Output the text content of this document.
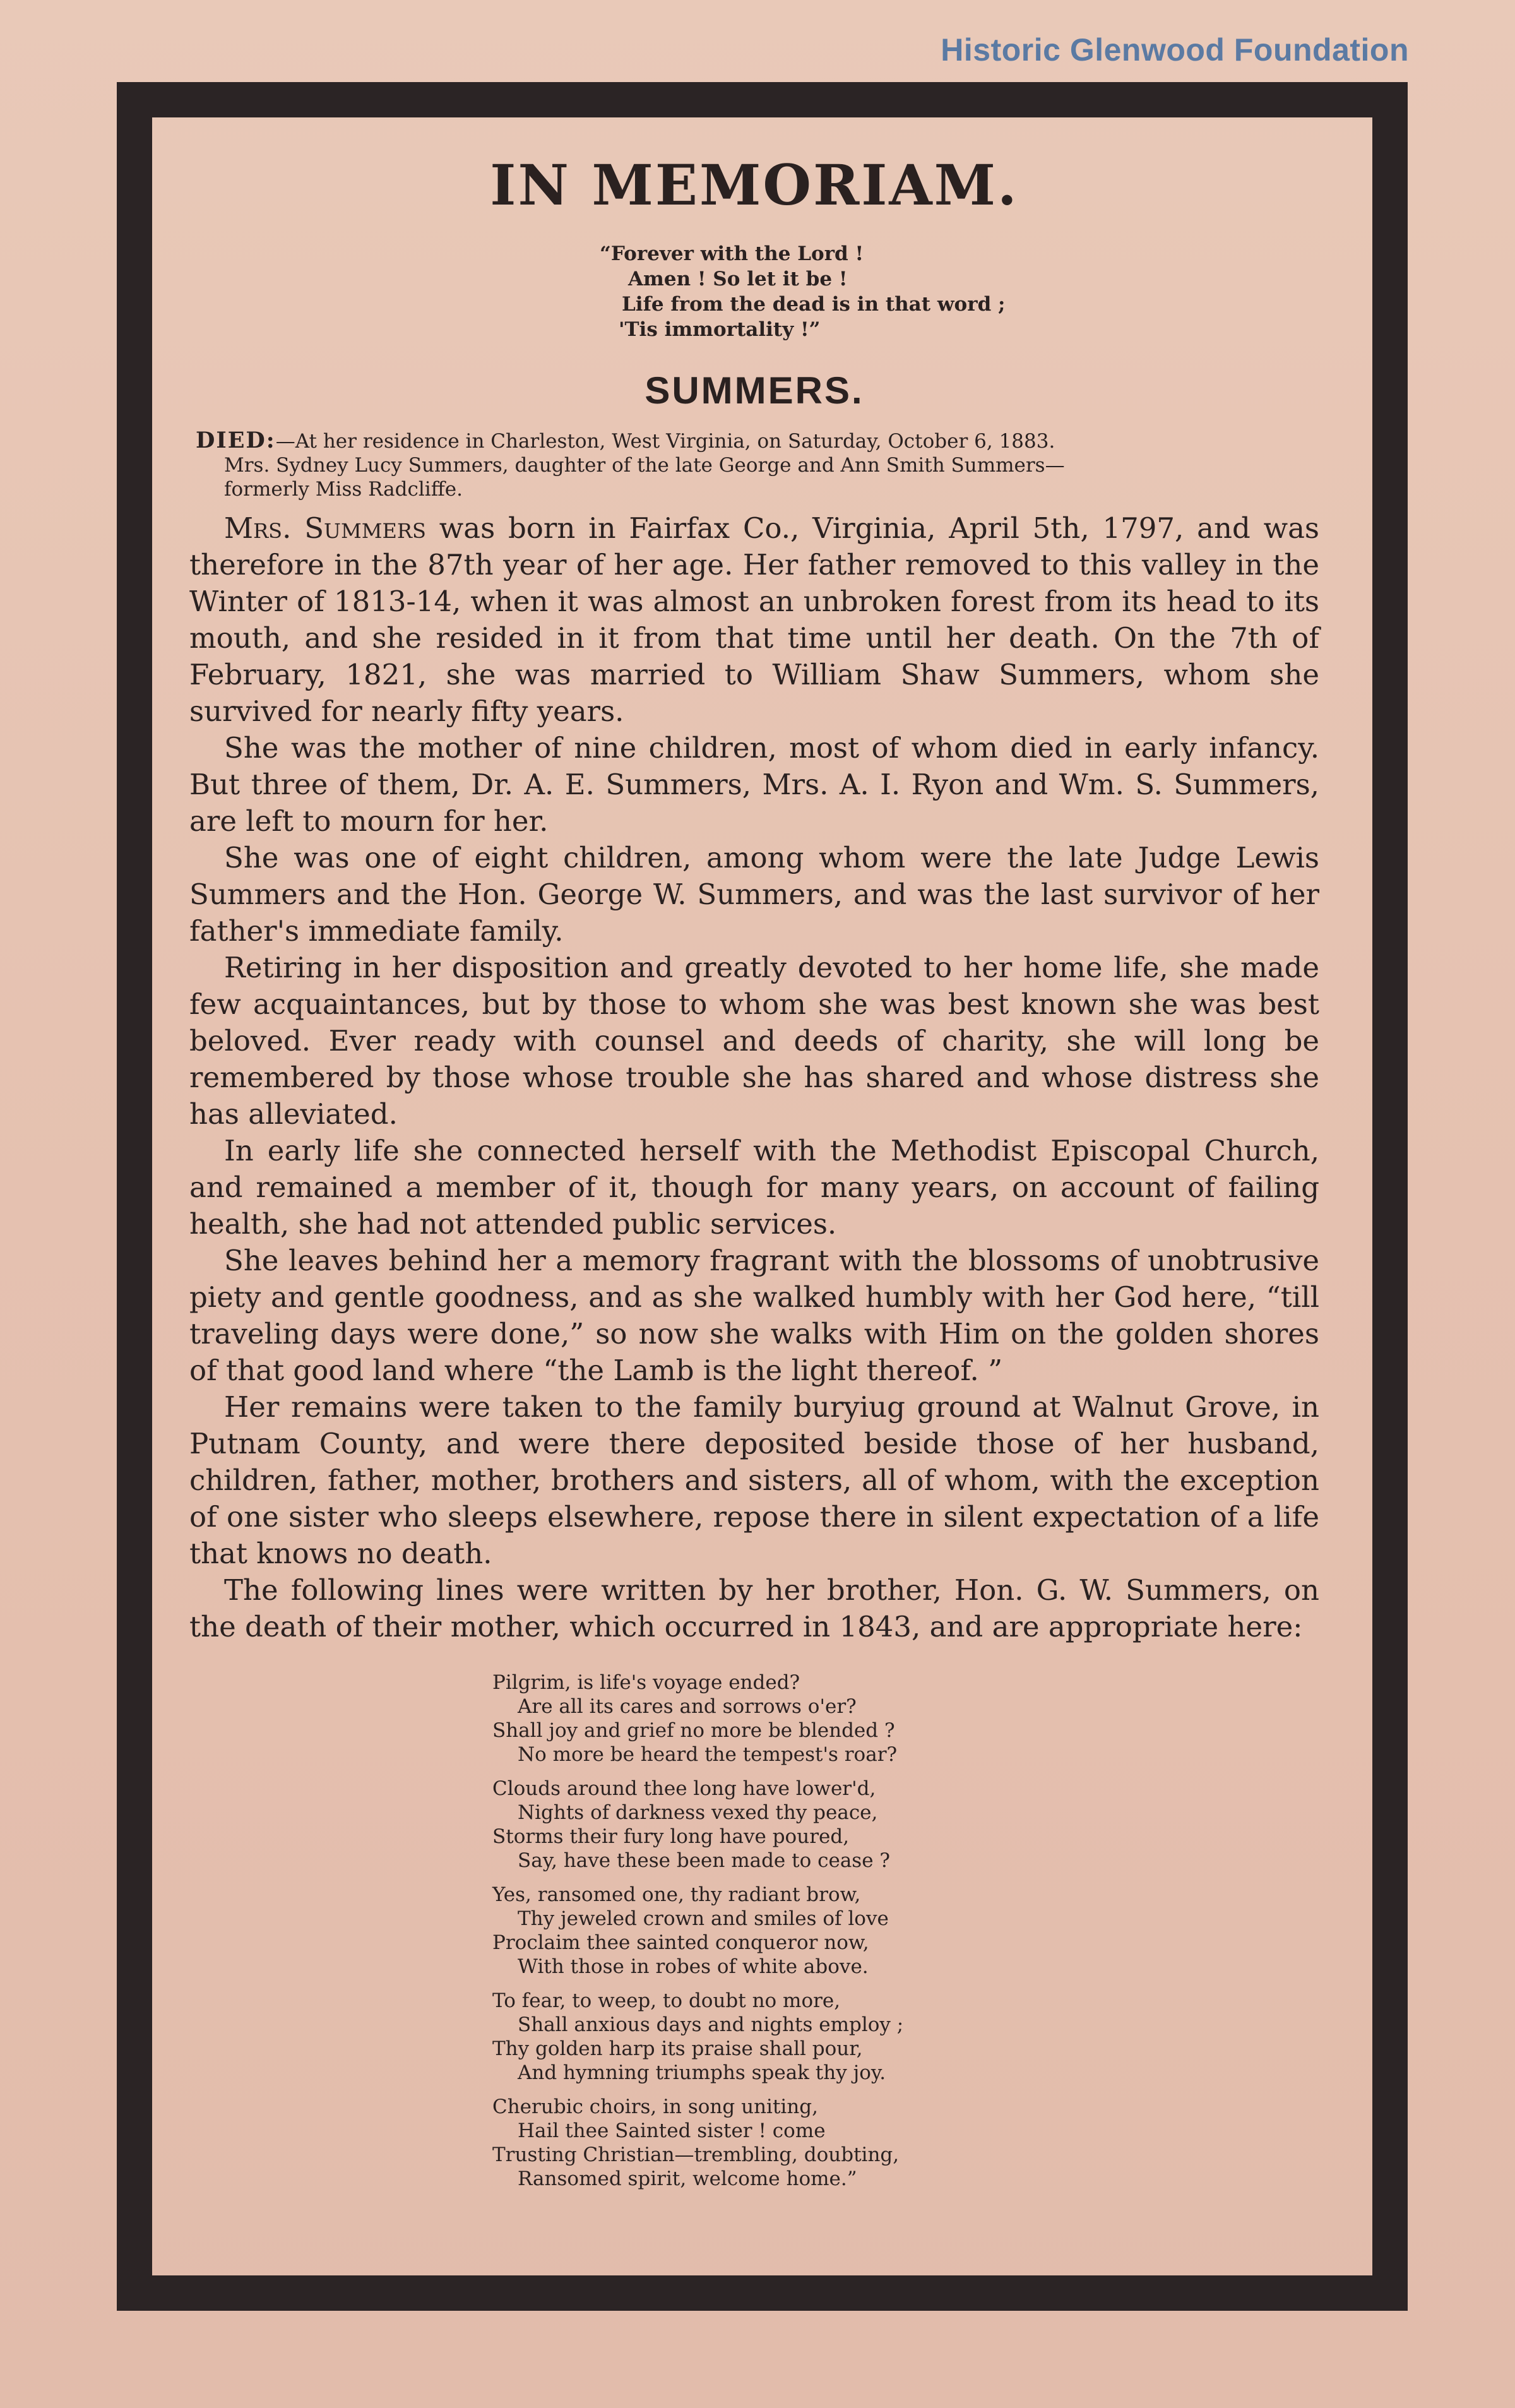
Historic Glenwood Foundation
IN MEMORIAM.
“Forever with the Lord !
Amen ! So let it be !
Life from the dead is in that word ;
'Tis immortality !”
SUMMERS.
DIED:—At her residence in Charleston, West Virginia, on Saturday, October 6, 1883.
Mrs. Sydney Lucy Summers, daughter of the late George and Ann Smith Summers—
formerly Miss Radcliffe.

Mrs. Summers was born in Fairfax Co., Virginia, April 5th, 1797, and was therefore in the 87th year of her age. Her father removed to this valley in the Winter of 1813-14, when it was almost an unbroken forest from its head to its mouth, and she resided in it from that time until her death. On the 7th of February, 1821, she was married to William Shaw Summers, whom she survived for nearly fifty years.

She was the mother of nine children, most of whom died in early infancy. But three of them, Dr. A. E. Summers, Mrs. A. I. Ryon and Wm. S. Summers, are left to mourn for her.

She was one of eight children, among whom were the late Judge Lewis Summers and the Hon. George W. Summers, and was the last survivor of her father's immediate family.

Retiring in her disposition and greatly devoted to her home life, she made few acquaintances, but by those to whom she was best known she was best beloved. Ever ready with counsel and deeds of charity, she will long be remembered by those whose trouble she has shared and whose distress she has alleviated.

In early life she connected herself with the Methodist Episcopal Church, and remained a member of it, though for many years, on account of failing health, she had not attended public services.

She leaves behind her a memory fragrant with the blossoms of unobtrusive piety and gentle goodness, and as she walked humbly with her God here, “till traveling days were done,” so now she walks with Him on the golden shores of that good land where “the Lamb is the light thereof. ”

Her remains were taken to the family buryiug ground at Walnut Grove, in Putnam County, and were there deposited beside those of her husband, children, father, mother, brothers and sisters, all of whom, with the exception of one sister who sleeps elsewhere, repose there in silent expectation of a life that knows no death.

The following lines were written by her brother, Hon. G. W. Summers, on the death of their mother, which occurred in 1843, and are appropriate here:

Pilgrim, is life's voyage ended?
Are all its cares and sorrows o'er?
Shall joy and grief no more be blended ?
No more be heard the tempest's roar?
Clouds around thee long have lower'd,
Nights of darkness vexed thy peace,
Storms their fury long have poured,
Say, have these been made to cease ?
Yes, ransomed one, thy radiant brow,
Thy jeweled crown and smiles of love
Proclaim thee sainted conqueror now,
With those in robes of white above.
To fear, to weep, to doubt no more,
Shall anxious days and nights employ ;
Thy golden harp its praise shall pour,
And hymning triumphs speak thy joy.
Cherubic choirs, in song uniting,
Hail thee Sainted sister ! come
Trusting Christian—trembling, doubting,
Ransomed spirit, welcome home.”
